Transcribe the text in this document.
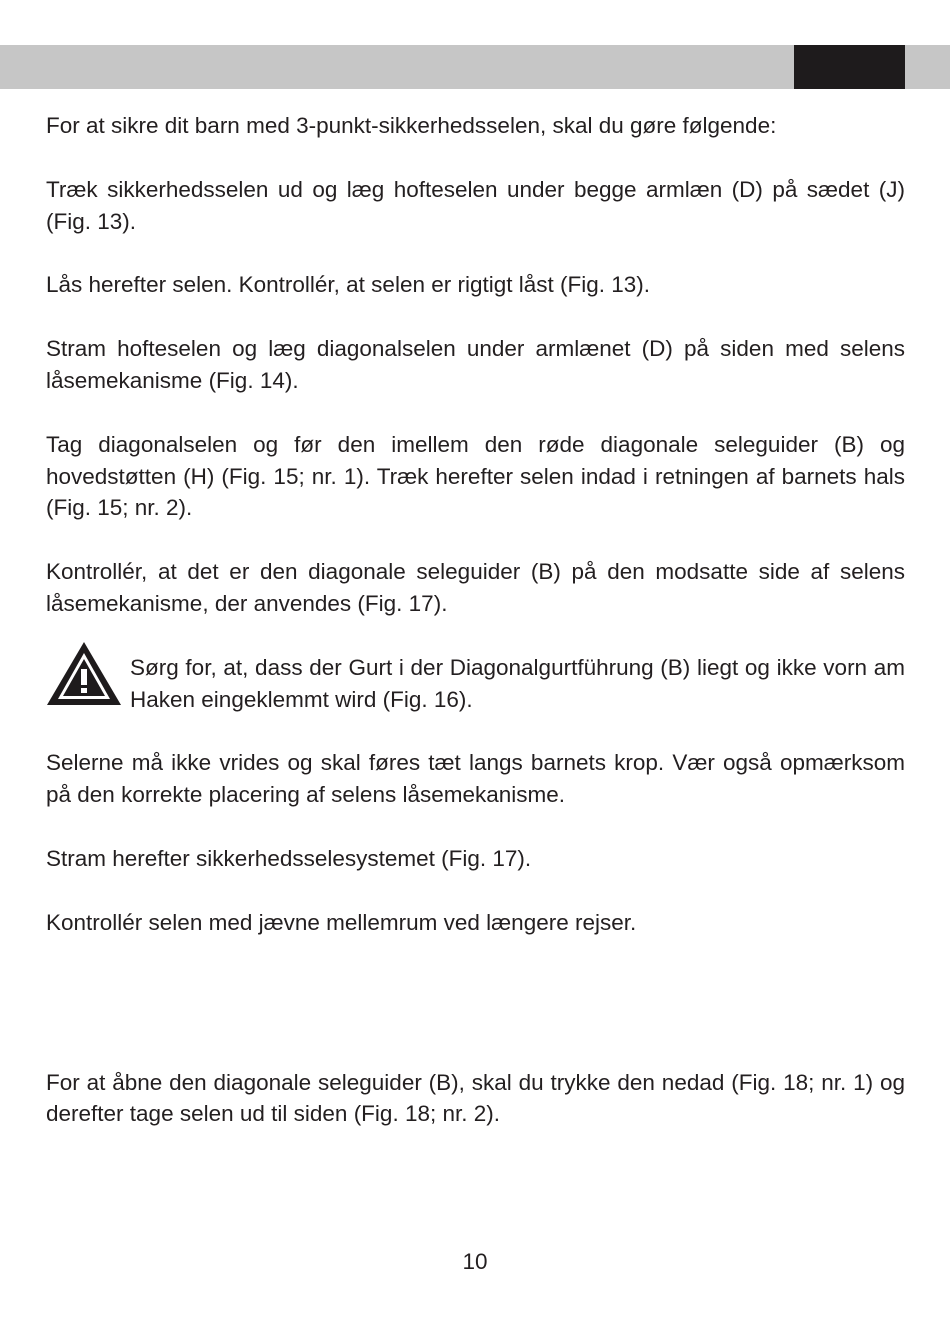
For at sikre dit barn med 3-punkt-sikkerhedsselen, skal du gøre følgende:

Træk sikkerhedsselen ud og læg hofteselen under begge armlæn (D) på sædet (J) (Fig. 13).

Lås herefter selen. Kontrollér, at selen er rigtigt låst (Fig. 13).

Stram hofteselen og læg diagonalselen under armlænet (D) på siden med selens låsemekanisme (Fig. 14).

Tag diagonalselen og før den imellem den røde diagonale seleguider (B) og hovedstøtten (H) (Fig. 15; nr. 1). Træk herefter selen indad i retningen af barnets hals (Fig. 15; nr. 2).

Kontrollér, at det er den diagonale seleguider (B) på den modsatte side af selens låsemekanisme, der anvendes (Fig. 17).

Sørg for, at, dass der Gurt i der Diagonalgurtführung (B) liegt og ikke vorn am Haken eingeklemmt wird (Fig. 16).

Selerne må ikke vrides og skal føres tæt langs barnets krop. Vær også opmærksom på den korrekte placering af selens låsemekanisme.

Stram herefter sikkerhedsselesystemet (Fig. 17).

Kontrollér selen med jævne mellemrum ved længere rejser.

For at åbne den diagonale seleguider (B), skal du trykke den nedad (Fig. 18; nr. 1) og derefter tage selen ud til siden (Fig. 18; nr. 2).

10
